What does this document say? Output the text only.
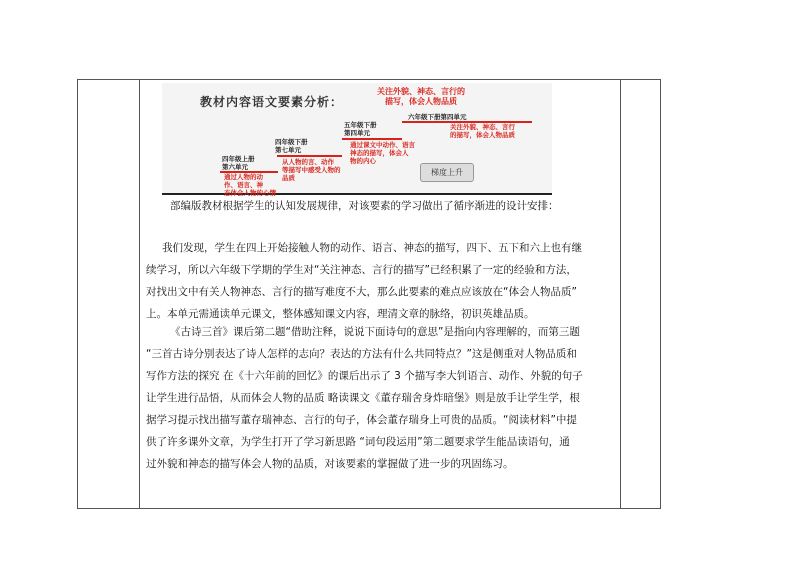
教材内容语文要素分析：
关注外貌、神态、言行的
描写，体会人物品质
六年级下册第四单元
关注外貌、神态、言行
的描写，体会人物品质
五年级下册
第四单元
通过课文中动作、语言
神态的描写，体会人
物的内心
四年级下册
第七单元
从人物的言、动作
等描写中感受人物的
品质
四年级上册
第六单元
通过人物的动
作、语言、神
态体会人物的心情
梯度上升
部编版教材根据学生的认知发展规律，对该要素的学习做出了循序渐进的设计安排：
我们发现，学生在四上开始接触人物的动作、语言、神态的描写，四下、五下和六上也有继
续学习，所以六年级下学期的学生对“关注神态、言行的描写”已经积累了一定的经验和方法，
对找出文中有关人物神态、言行的描写难度不大，那么此要素的难点应该放在“体会人物品质”
上。本单元需通读单元课文，整体感知课文内容，理清文章的脉络，初识英雄品质。
《古诗三首》课后第二题“借助注释，说说下面诗句的意思”是指向内容理解的，而第三题
“三首古诗分别表达了诗人怎样的志向？表达的方法有什么共同特点？”这是侧重对人物品质和
写作方法的探究 在《十六年前的回忆》的课后出示了 3 个描写李大钊语言、动作、外貌的句子
让学生进行品悟，从而体会人物的品质 略读课文《董存瑞舍身炸暗堡》则是放手让学生学，根
据学习提示找出描写董存瑞神态、言行的句子，体会董存瑞身上可贵的品质。“阅读材料”中提
供了许多课外文章，为学生打开了学习新思路 “词句段运用”第二题要求学生能品读语句，通
过外貌和神态的描写体会人物的品质，对该要素的掌握做了进一步的巩固练习。
